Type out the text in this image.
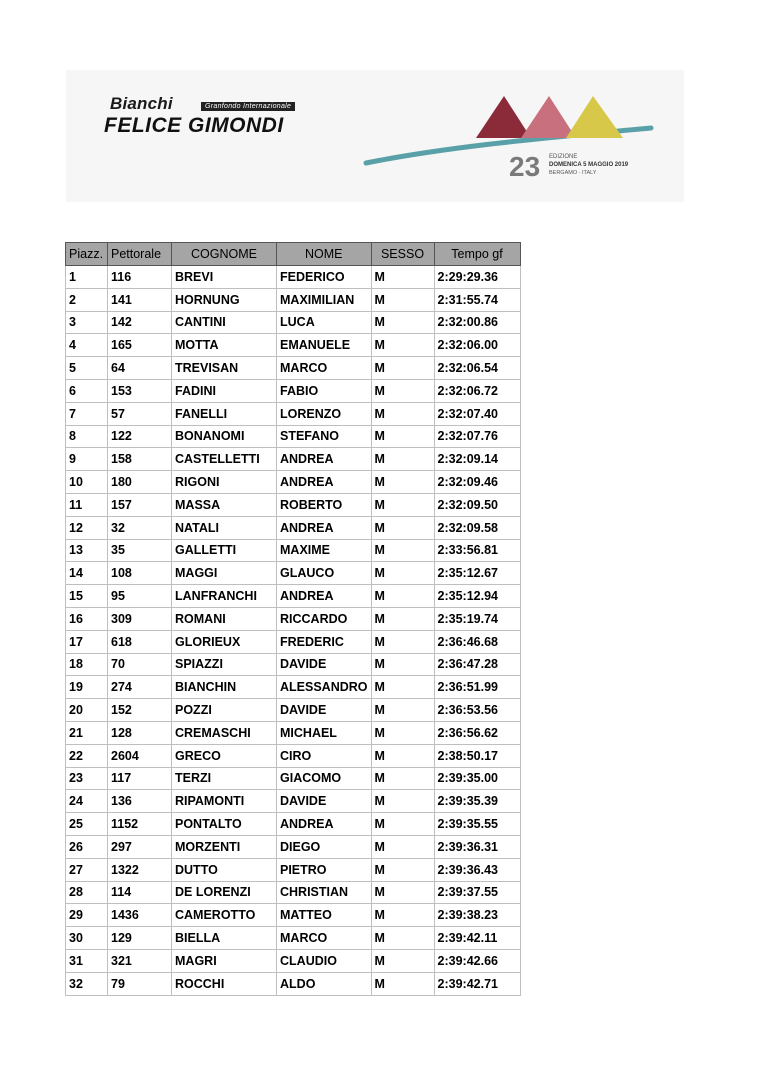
Bianchi	Granfondo Internazionale
FELICE GIMONDI
23 EDIZIONE
DOMENICA 5 MAGGIO 2019
BERGAMO · ITALY
Piazz.	Pettorale	COGNOME	NOME	SESSO	Tempo gf
1	116	BREVI	FEDERICO	M	2:29:29.36
2	141	HORNUNG	MAXIMILIAN	M	2:31:55.74
3	142	CANTINI	LUCA	M	2:32:00.86
4	165	MOTTA	EMANUELE	M	2:32:06.00
5	64	TREVISAN	MARCO	M	2:32:06.54
6	153	FADINI	FABIO	M	2:32:06.72
7	57	FANELLI	LORENZO	M	2:32:07.40
8	122	BONANOMI	STEFANO	M	2:32:07.76
9	158	CASTELLETTI	ANDREA	M	2:32:09.14
10	180	RIGONI	ANDREA	M	2:32:09.46
11	157	MASSA	ROBERTO	M	2:32:09.50
12	32	NATALI	ANDREA	M	2:32:09.58
13	35	GALLETTI	MAXIME	M	2:33:56.81
14	108	MAGGI	GLAUCO	M	2:35:12.67
15	95	LANFRANCHI	ANDREA	M	2:35:12.94
16	309	ROMANI	RICCARDO	M	2:35:19.74
17	618	GLORIEUX	FREDERIC	M	2:36:46.68
18	70	SPIAZZI	DAVIDE	M	2:36:47.28
19	274	BIANCHIN	ALESSANDRO	M	2:36:51.99
20	152	POZZI	DAVIDE	M	2:36:53.56
21	128	CREMASCHI	MICHAEL	M	2:36:56.62
22	2604	GRECO	CIRO	M	2:38:50.17
23	117	TERZI	GIACOMO	M	2:39:35.00
24	136	RIPAMONTI	DAVIDE	M	2:39:35.39
25	1152	PONTALTO	ANDREA	M	2:39:35.55
26	297	MORZENTI	DIEGO	M	2:39:36.31
27	1322	DUTTO	PIETRO	M	2:39:36.43
28	114	DE LORENZI	CHRISTIAN	M	2:39:37.55
29	1436	CAMEROTTO	MATTEO	M	2:39:38.23
30	129	BIELLA	MARCO	M	2:39:42.11
31	321	MAGRI	CLAUDIO	M	2:39:42.66
32	79	ROCCHI	ALDO	M	2:39:42.71
